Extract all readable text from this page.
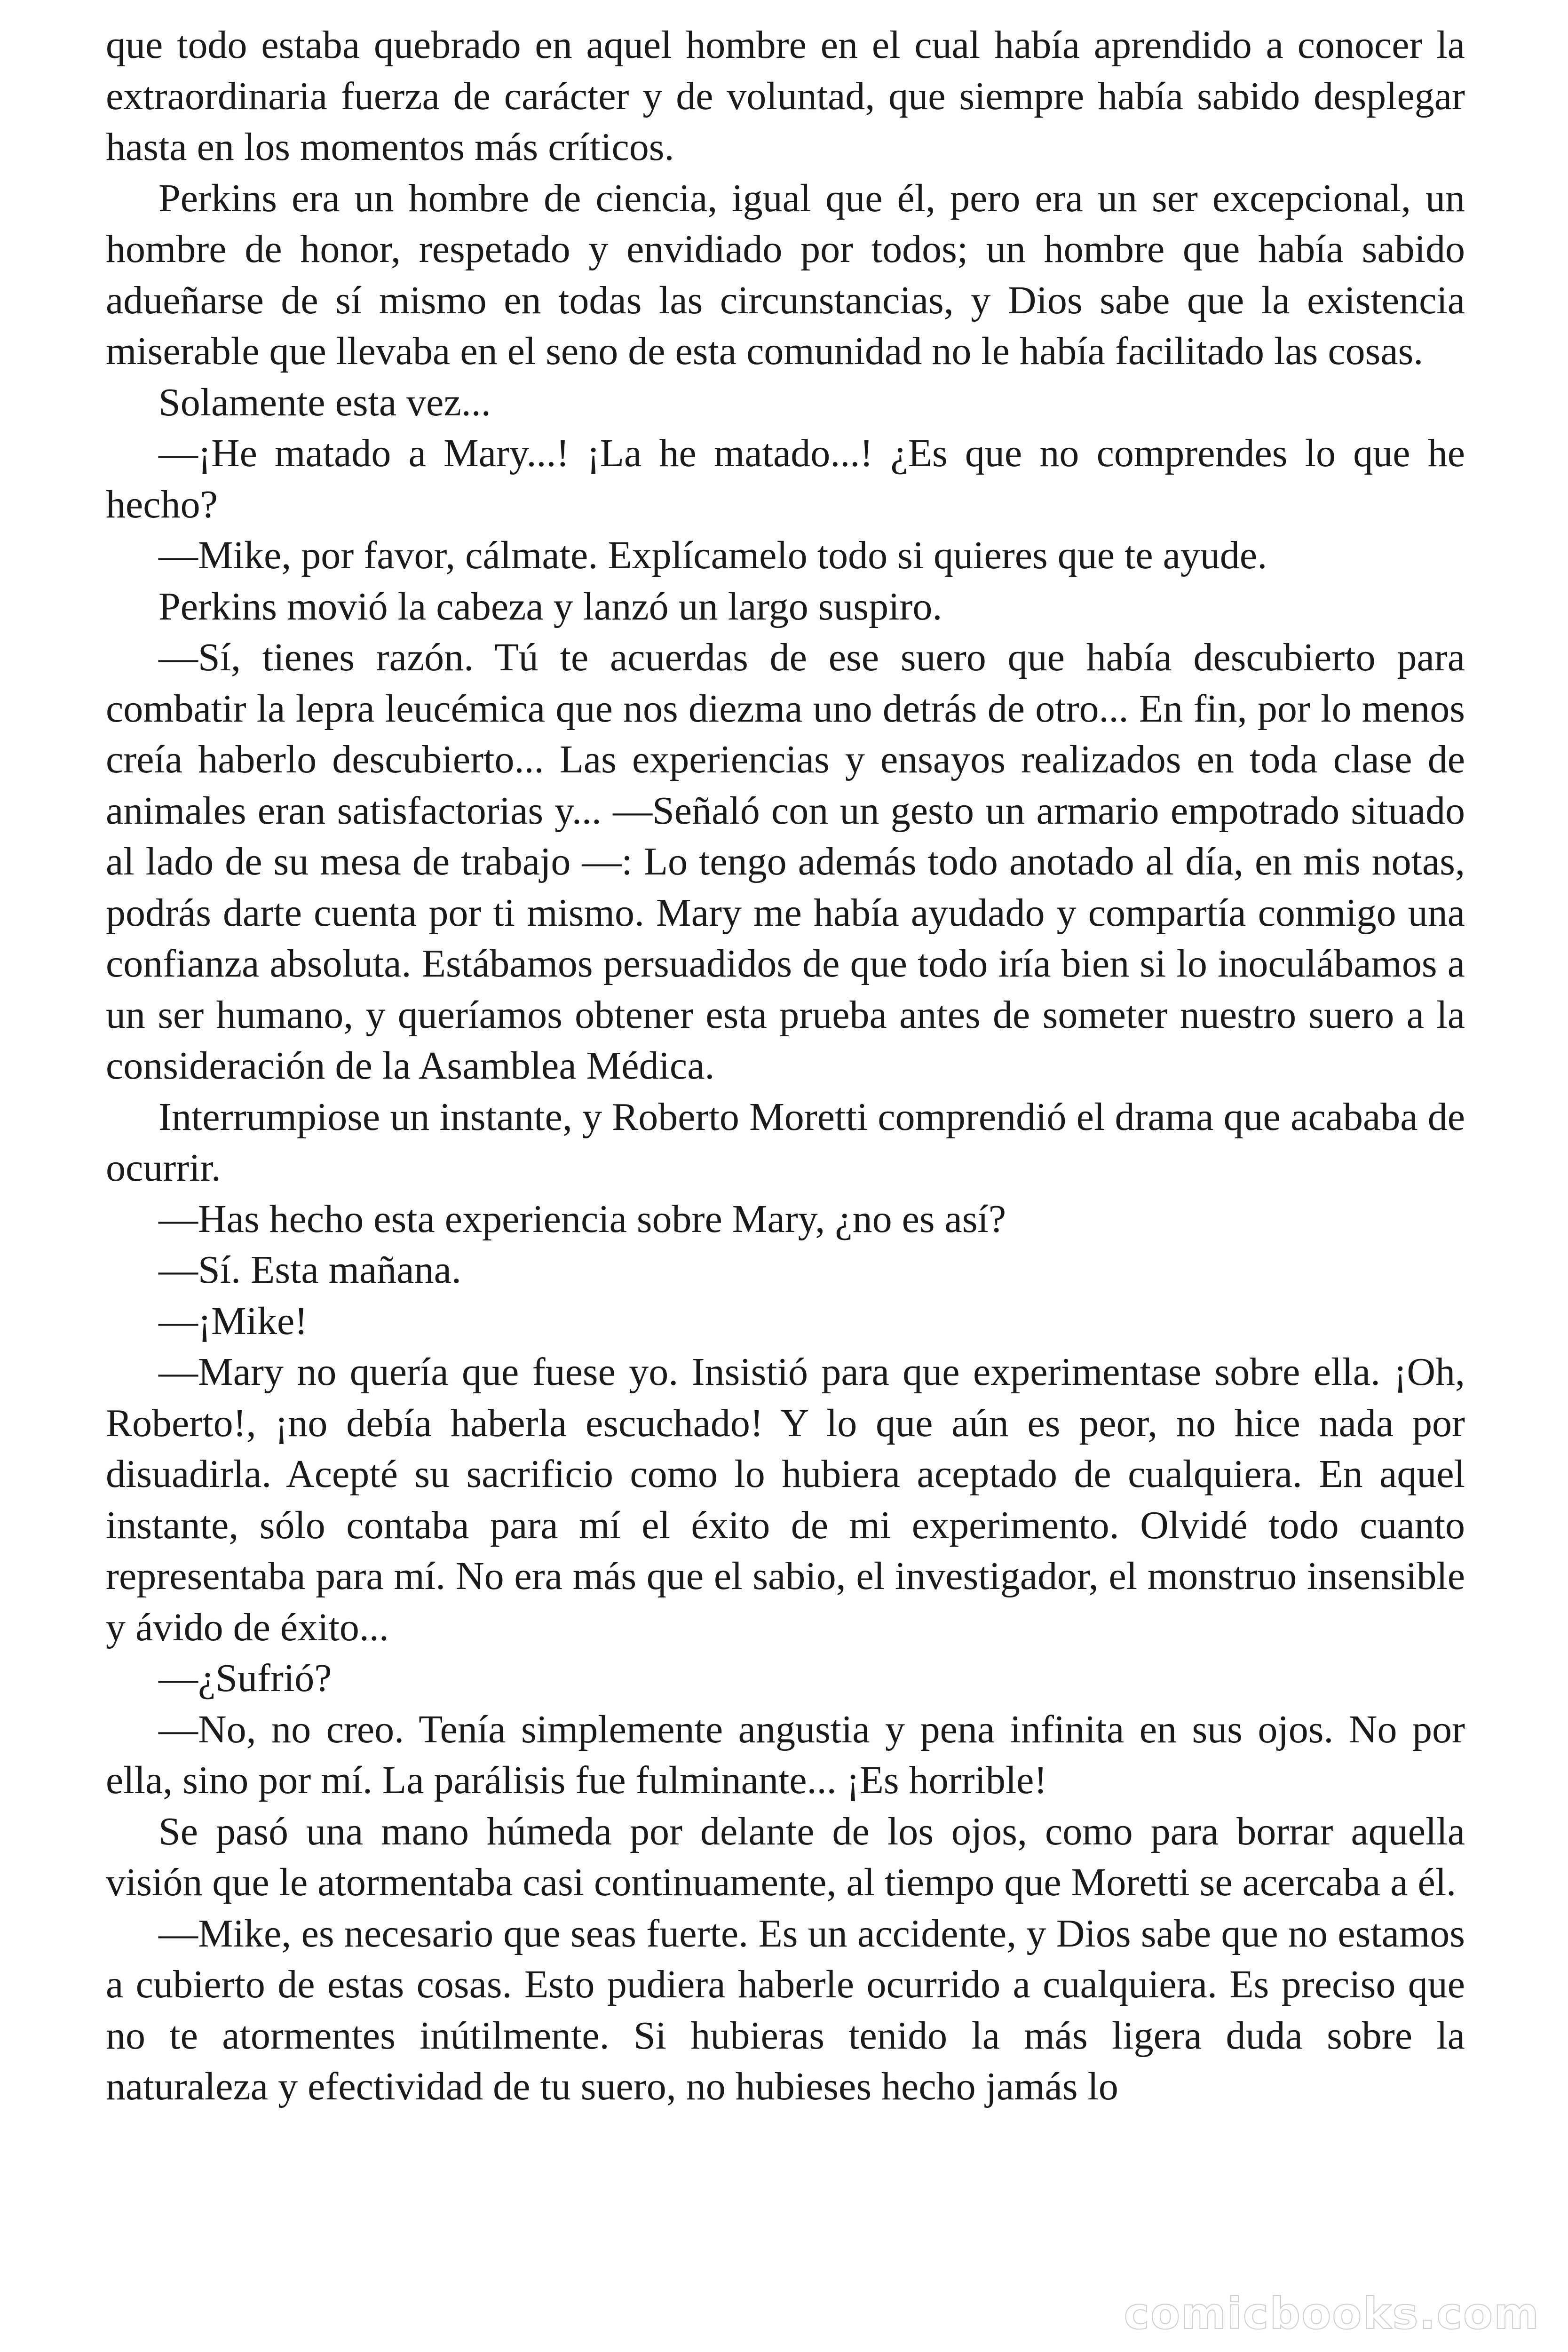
que todo estaba quebrado en aquel hombre en el cual había aprendido a conocer la extraordinaria fuerza de carácter y de voluntad, que siempre había sabido desplegar hasta en los momentos más críticos.

Perkins era un hombre de ciencia, igual que él, pero era un ser excepcional, un hombre de honor, respetado y envidiado por todos; un hombre que había sabido adueñarse de sí mismo en todas las circunstancias, y Dios sabe que la existencia miserable que llevaba en el seno de esta comunidad no le había facilitado las cosas.

Solamente esta vez...

—¡He matado a Mary...! ¡La he matado...! ¿Es que no comprendes lo que he hecho?

—Mike, por favor, cálmate. Explícamelo todo si quieres que te ayude.

Perkins movió la cabeza y lanzó un largo suspiro.

—Sí, tienes razón. Tú te acuerdas de ese suero que había descubierto para combatir la lepra leucémica que nos diezma uno detrás de otro... En fin, por lo menos creía haberlo descubierto... Las experiencias y ensayos realizados en toda clase de animales eran satisfactorias y... —Señaló con un gesto un armario empotrado situado al lado de su mesa de trabajo —: Lo tengo además todo anotado al día, en mis notas, podrás darte cuenta por ti mismo. Mary me había ayudado y compartía conmigo una confianza absoluta. Estábamos persuadidos de que todo iría bien si lo inoculábamos a un ser humano, y queríamos obtener esta prueba antes de someter nuestro suero a la consideración de la Asamblea Médica.

Interrumpiose un instante, y Roberto Moretti comprendió el drama que acababa de ocurrir.

—Has hecho esta experiencia sobre Mary, ¿no es así?

—Sí. Esta mañana.

—¡Mike!

—Mary no quería que fuese yo. Insistió para que experimentase sobre ella. ¡Oh, Roberto!, ¡no debía haberla escuchado! Y lo que aún es peor, no hice nada por disuadirla. Acepté su sacrificio como lo hubiera aceptado de cualquiera. En aquel instante, sólo contaba para mí el éxito de mi experimento. Olvidé todo cuanto representaba para mí. No era más que el sabio, el investigador, el monstruo insensible y ávido de éxito...

—¿Sufrió?

—No, no creo. Tenía simplemente angustia y pena infinita en sus ojos. No por ella, sino por mí. La parálisis fue fulminante... ¡Es horrible!

Se pasó una mano húmeda por delante de los ojos, como para borrar aquella visión que le atormentaba casi continuamente, al tiempo que Moretti se acercaba a él.

—Mike, es necesario que seas fuerte. Es un accidente, y Dios sabe que no estamos a cubierto de estas cosas. Esto pudiera haberle ocurrido a cualquiera. Es preciso que no te atormentes inútilmente. Si hubieras tenido la más ligera duda sobre la naturaleza y efectividad de tu suero, no hubieses hecho jamás lo

comicbooks.com
